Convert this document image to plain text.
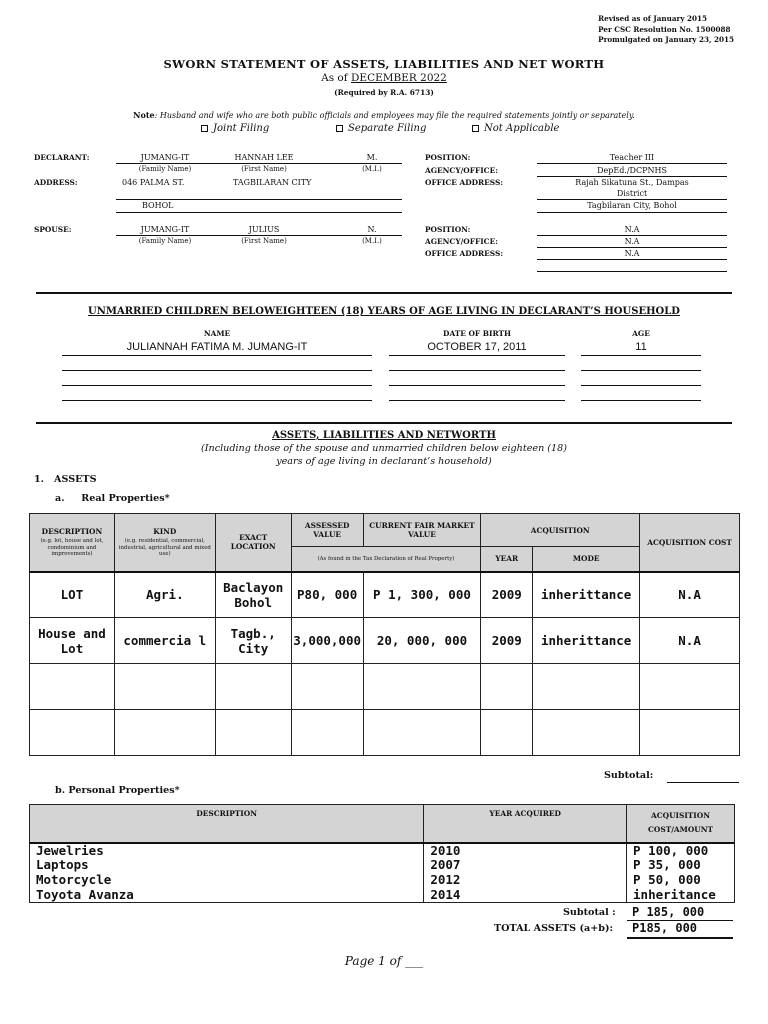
Revised as of January 2015
Per CSC Resolution No. 1500088
Promulgated on January 23, 2015
SWORN STATEMENT OF ASSETS, LIABILITIES AND NET WORTH
As of DECEMBER 2022
(Required by R.A. 6713)
Note: Husband and wife who are both public officials and employees may file the required statements jointly or separately.
Joint Filing	Separate Filing	Not Applicable
DECLARANT:	JUMANG-IT	HANNAH LEE	M.
(Family Name)	(First Name)	(M.I.)
ADDRESS:	046 PALMA ST.	TAGBILARAN CITY
BOHOL
POSITION:	Teacher III
AGENCY/OFFICE:	DepEd./DCPNHS
OFFICE ADDRESS:	Rajah Sikatuna St., Dampas
District
Tagbilaran City, Bohol
SPOUSE:	JUMANG-IT	JULIUS	N.
(Family Name)	(First Name)	(M.I.)
POSITION:	N.A
AGENCY/OFFICE:	N.A
OFFICE ADDRESS:	N.A
UNMARRIED CHILDREN BELOWEIGHTEEN (18) YEARS OF AGE LIVING IN DECLARANT’S HOUSEHOLD
NAME	DATE OF BIRTH	AGE
JULIANNAH FATIMA M. JUMANG-IT	OCTOBER 17, 2011	11
ASSETS, LIABILITIES AND NETWORTH
(Including those of the spouse and unmarried children below eighteen (18)
years of age living in declarant’s household)
1.   ASSETS
a.     Real Properties*
DESCRIPTION
(e.g. lot, house and lot, condominium and improvements)	KIND
(e.g. residential, commercial, industrial, agricultural and mixed use)	EXACT LOCATION	ASSESSED VALUE	CURRENT FAIR MARKET VALUE	ACQUISITION		ACQUISITION COST
			(As found in the Tax Declaration of Real Property)		YEAR	MODE	
LOT	Agri.	Baclayon Bohol	P80, 000	P 1, 300, 000	2009	inherittance	N.A
House and Lot	commercia l	Tagb., City	3,000,000	20, 000, 000	2009	inherittance	N.A

Subtotal:
b. Personal Properties*
DESCRIPTION	YEAR ACQUIRED	ACQUISITION COST/AMOUNT
Jewelries	2010	P 100, 000
Laptops	2007	P 35, 000
Motorcycle	2012	P 50, 000
Toyota Avanza	2014	inheritance
Subtotal : P 185, 000
TOTAL ASSETS (a+b): P185, 000
Page 1 of ___
